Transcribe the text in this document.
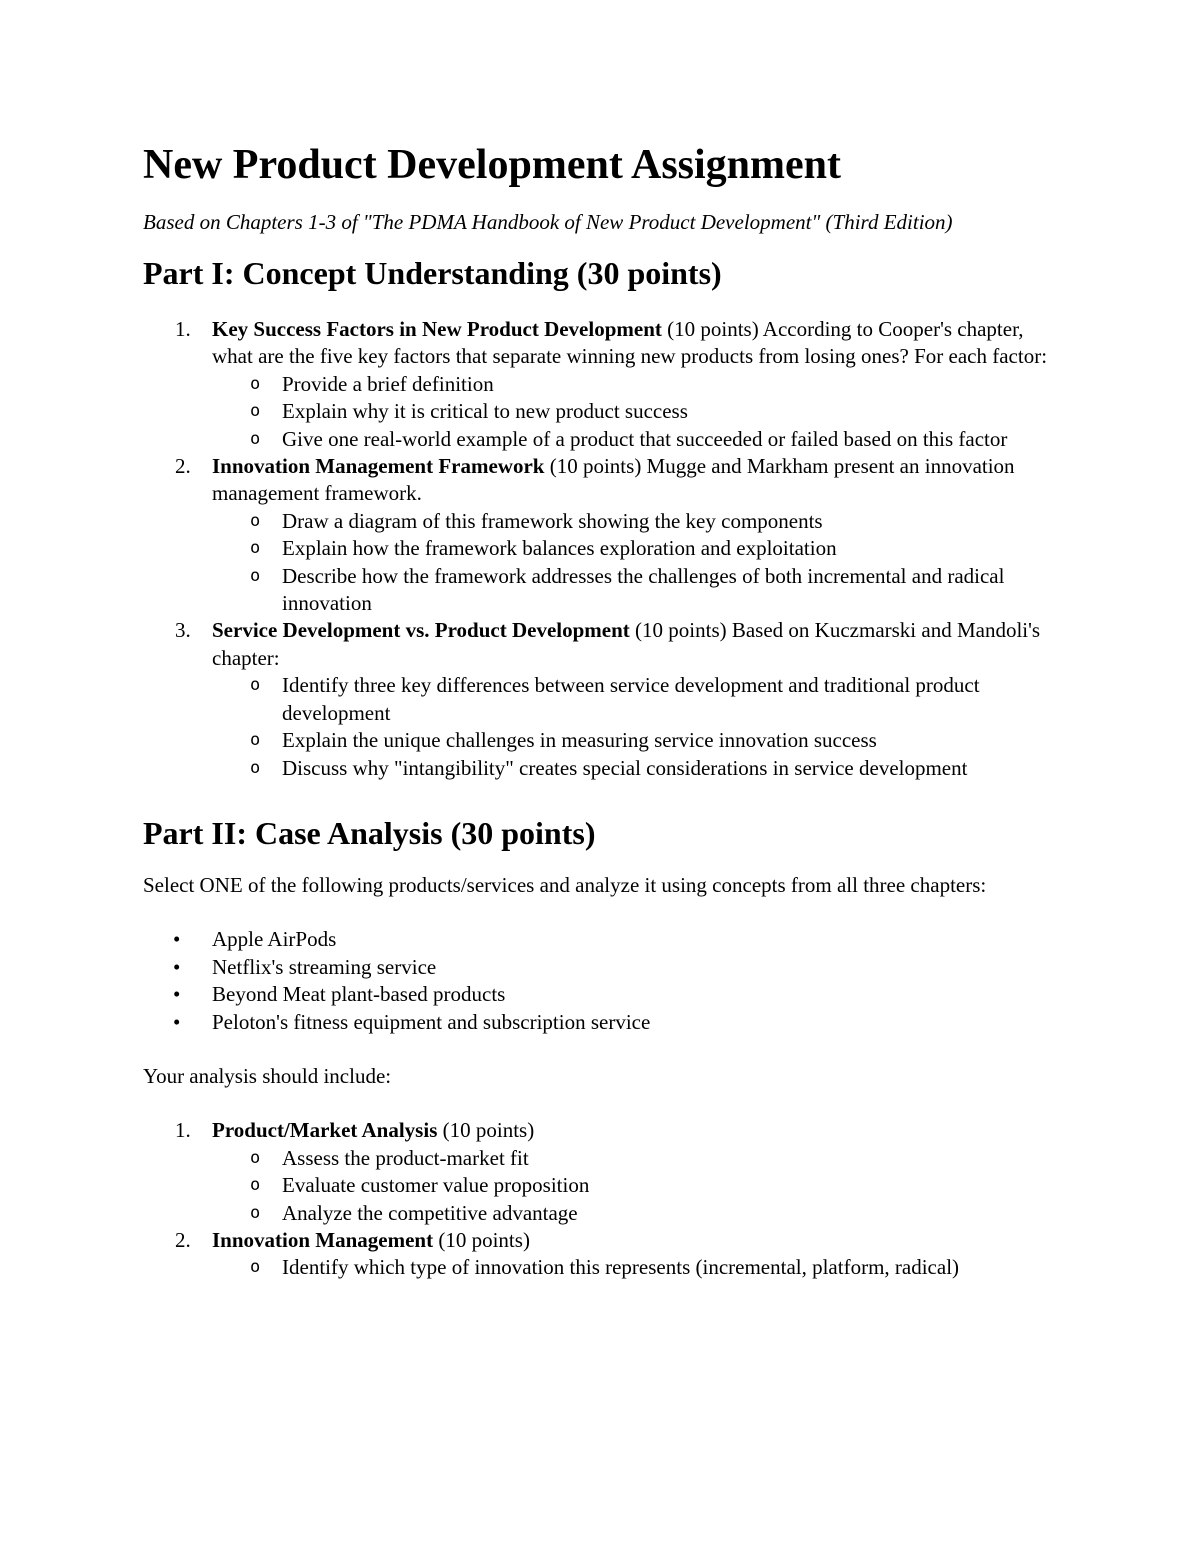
New Product Development Assignment

Based on Chapters 1-3 of "The PDMA Handbook of New Product Development" (Third Edition)

Part I: Concept Understanding (30 points)
1. Key Success Factors in New Product Development (10 points) According to Cooper's chapter, what are the five key factors that separate winning new products from losing ones? For each factor:
o	Provide a brief definition
o	Explain why it is critical to new product success
o	Give one real-world example of a product that succeeded or failed based on this factor
2. Innovation Management Framework (10 points) Mugge and Markham present an innovation management framework.
o	Draw a diagram of this framework showing the key components
o	Explain how the framework balances exploration and exploitation
o	Describe how the framework addresses the challenges of both incremental and radical innovation
3. Service Development vs. Product Development (10 points) Based on Kuczmarski and Mandoli's chapter:
o	Identify three key differences between service development and traditional product development
o	Explain the unique challenges in measuring service innovation success
o	Discuss why "intangibility" creates special considerations in service development
Part II: Case Analysis (30 points)

Select ONE of the following products/services and analyze it using concepts from all three chapters:

• Apple AirPods
• Netflix's streaming service
• Beyond Meat plant-based products
• Peloton's fitness equipment and subscription service

Your analysis should include:

1. Product/Market Analysis (10 points)
o	Assess the product-market fit
o	Evaluate customer value proposition
o	Analyze the competitive advantage
2. Innovation Management (10 points)
o	Identify which type of innovation this represents (incremental, platform, radical)
